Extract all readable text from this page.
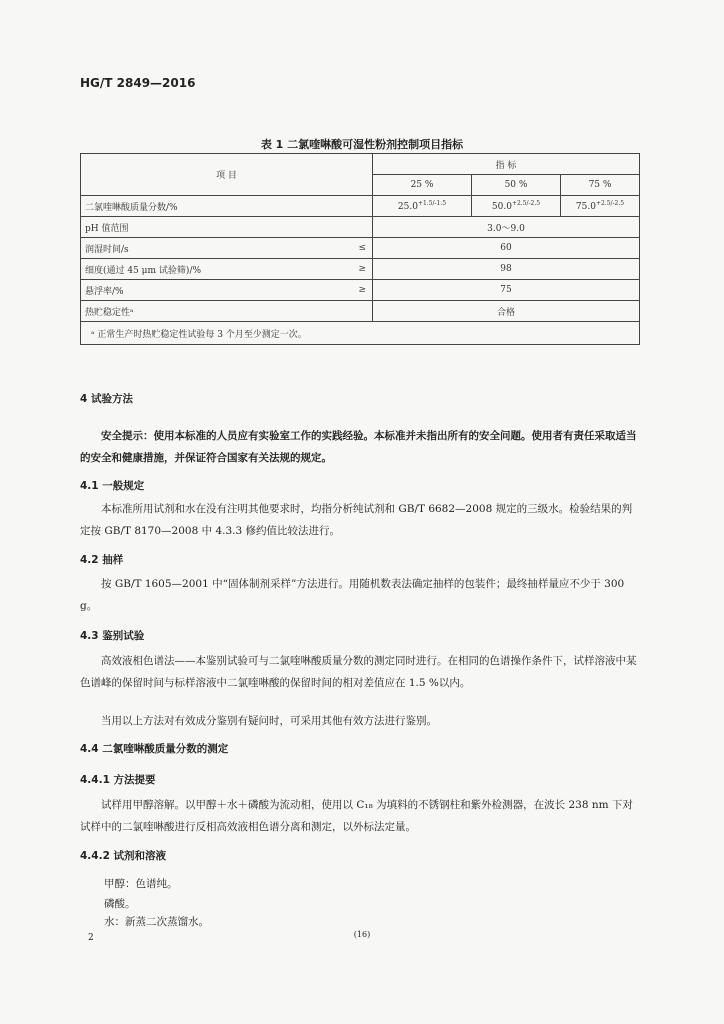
HG/T 2849—2016
表 1 二氯喹啉酸可湿性粉剂控制项目指标
项 目		指 标		
		25 %	50 %	75 %
二氯喹啉酸质量分数/%		$25.0^{+1.5/-1.5}$	$50.0^{+2.5/-2.5}$	$75.0^{+2.5/-2.5}$
pH 值范围		3.0～9.0		
润湿时间/s	≤	60		
细度(通过 45 μm 试验筛)/%	≥	98		
悬浮率/%	≥	75		
热贮稳定性ᵃ		合格		
ᵃ 正常生产时热贮稳定性试验每 3 个月至少测定一次。				
4 试验方法
安全提示：使用本标准的人员应有实验室工作的实践经验。本标准并未指出所有的安全问题。使用者有责任采取适当的安全和健康措施，并保证符合国家有关法规的规定。
4.1 一般规定
本标准所用试剂和水在没有注明其他要求时，均指分析纯试剂和 GB/T 6682—2008 规定的三级水。检验结果的判定按 GB/T 8170—2008 中 4.3.3 修约值比较法进行。
4.2 抽样
按 GB/T 1605—2001 中“固体制剂采样”方法进行。用随机数表法确定抽样的包装件；最终抽样量应不少于 300 g。
4.3 鉴别试验
高效液相色谱法——本鉴别试验可与二氯喹啉酸质量分数的测定同时进行。在相同的色谱操作条件下，试样溶液中某色谱峰的保留时间与标样溶液中二氯喹啉酸的保留时间的相对差值应在 1.5 %以内。
当用以上方法对有效成分鉴别有疑问时，可采用其他有效方法进行鉴别。
4.4 二氯喹啉酸质量分数的测定
4.4.1 方法提要
试样用甲醇溶解。以甲醇＋水＋磷酸为流动相，使用以 C₁₈ 为填料的不锈钢柱和紫外检测器，在波长 238 nm 下对试样中的二氯喹啉酸进行反相高效液相色谱分离和测定，以外标法定量。
4.4.2 试剂和溶液
甲醇：色谱纯。
磷酸。
水：新蒸二次蒸馏水。
2	(16)
